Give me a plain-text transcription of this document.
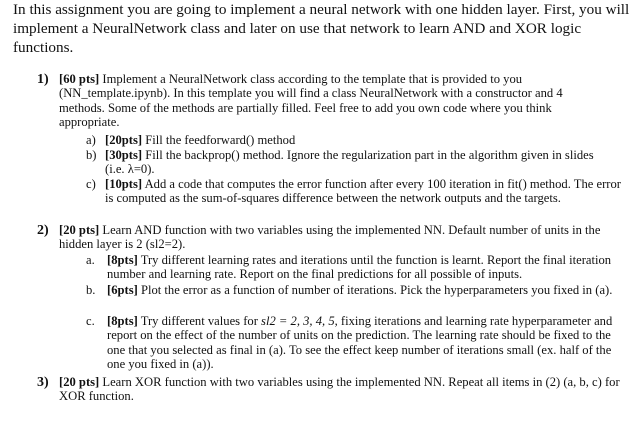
In this assignment you are going to implement a neural network with one hidden layer. First, you will implement a NeuralNetwork class and later on use that network to learn AND and XOR logic functions.

1) [60 pts] Implement a NeuralNetwork class according to the template that is provided to you (NN_template.ipynb). In this template you will find a class NeuralNetwork with a constructor and 4 methods. Some of the methods are partially filled. Feel free to add you own code where you think appropriate.
a) [20pts] Fill the feedforward() method
b) [30pts] Fill the backprop() method. Ignore the regularization part in the algorithm given in slides (i.e. λ=0).
c) [10pts] Add a code that computes the error function after every 100 iteration in fit() method. The error is computed as the sum-of-squares difference between the network outputs and the targets.
2) [20 pts] Learn AND function with two variables using the implemented NN. Default number of units in the hidden layer is 2 (sl2=2).
a. [8pts] Try different learning rates and iterations until the function is learnt. Report the final iteration number and learning rate. Report on the final predictions for all possible of inputs.
b. [6pts] Plot the error as a function of number of iterations. Pick the hyperparameters you fixed in (a).
c. [8pts] Try different values for sl2 = 2, 3, 4, 5, fixing iterations and learning rate hyperparameter and report on the effect of the number of units on the prediction. The learning rate should be fixed to the one that you selected as final in (a). To see the effect keep number of iterations small (ex. half of the one you fixed in (a)).
3) [20 pts] Learn XOR function with two variables using the implemented NN. Repeat all items in (2) (a, b, c) for XOR function.
